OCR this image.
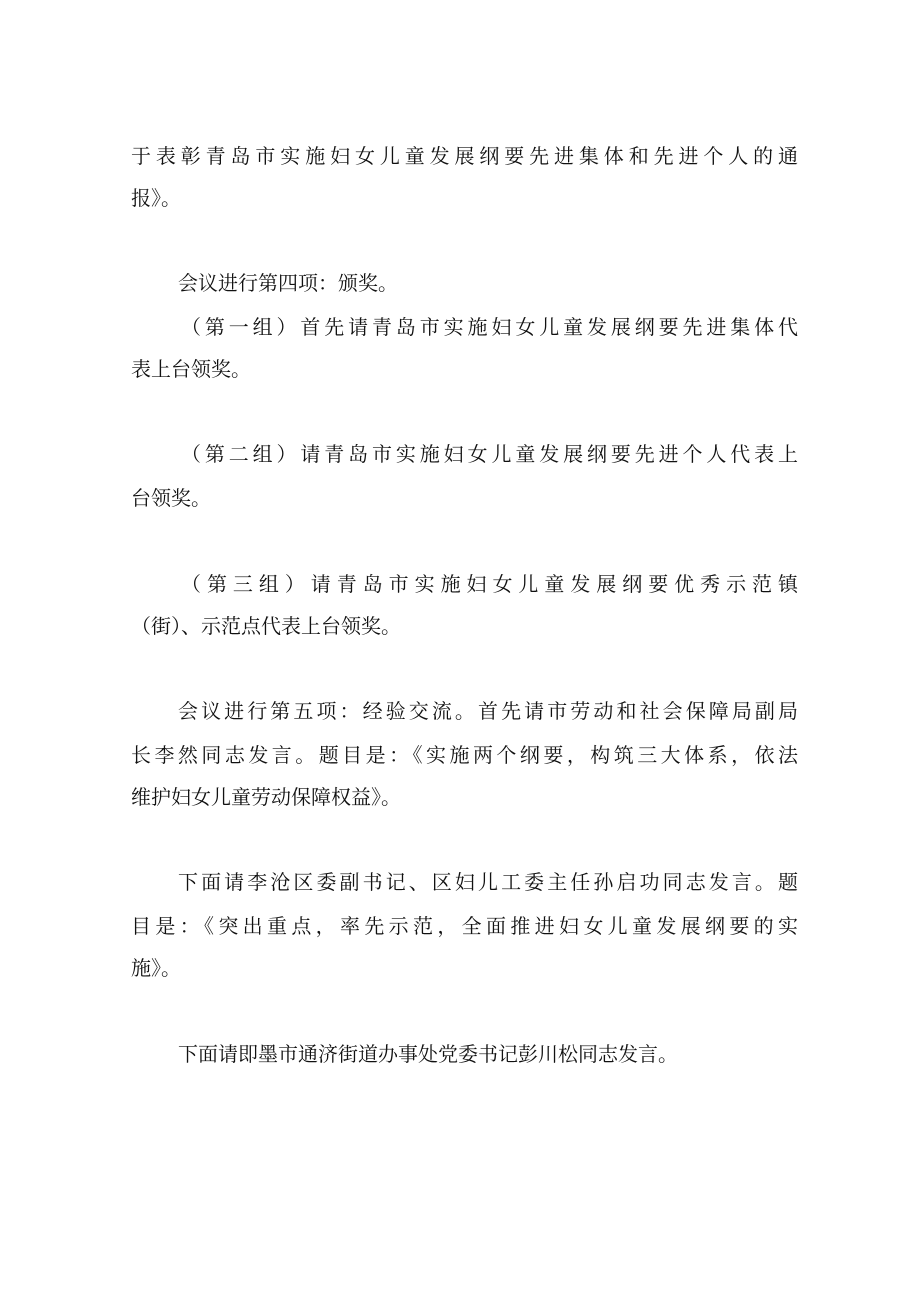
于表彰青岛市实施妇女儿童发展纲要先进集体和先进个人的通
报》。
会议进行第四项：颁奖。
（第一组）首先请青岛市实施妇女儿童发展纲要先进集体代
表上台领奖。
（第二组）请青岛市实施妇女儿童发展纲要先进个人代表上
台领奖。
（第三组）请青岛市实施妇女儿童发展纲要优秀示范镇
（街）、示范点代表上台领奖。
会议进行第五项：经验交流。首先请市劳动和社会保障局副局
长李然同志发言。题目是：《实施两个纲要，构筑三大体系，依法
维护妇女儿童劳动保障权益》。
下面请李沧区委副书记、区妇儿工委主任孙启功同志发言。题
目是：《突出重点，率先示范，全面推进妇女儿童发展纲要的实
施》。
下面请即墨市通济街道办事处党委书记彭川松同志发言。
